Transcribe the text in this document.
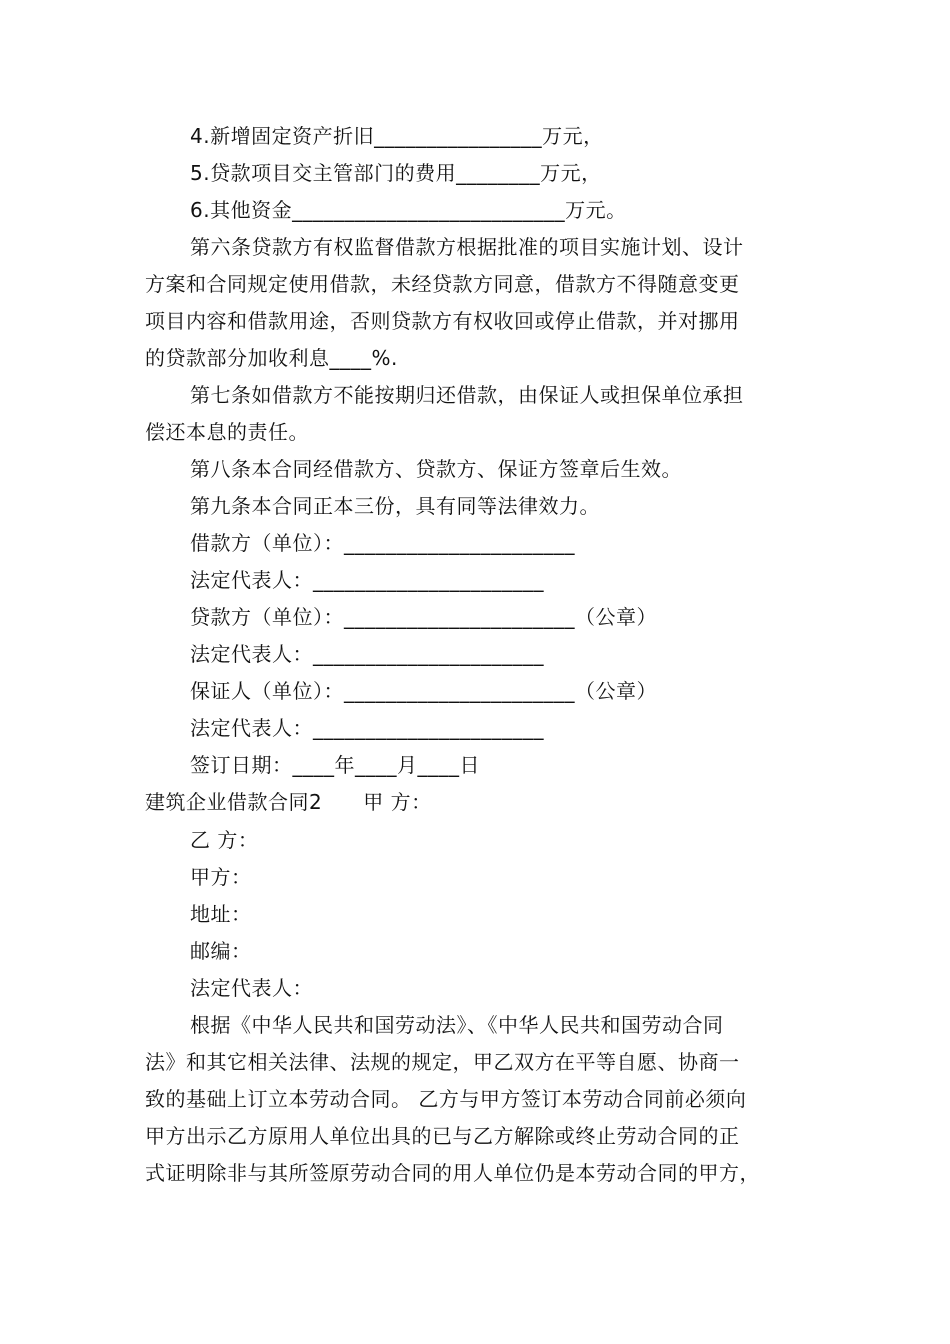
4.新增固定资产折旧________________万元，
5.贷款项目交主管部门的费用________万元，
6.其他资金__________________________万元。
第六条贷款方有权监督借款方根据批准的项目实施计划、设计
方案和合同规定使用借款，未经贷款方同意，借款方不得随意变更
项目内容和借款用途，否则贷款方有权收回或停止借款，并对挪用
的贷款部分加收利息____%.
第七条如借款方不能按期归还借款，由保证人或担保单位承担
偿还本息的责任。
第八条本合同经借款方、贷款方、保证方签章后生效。
第九条本合同正本三份，具有同等法律效力。
借款方（单位）：______________________
法定代表人：______________________
贷款方（单位）：______________________（公章）
法定代表人：______________________
保证人（单位）：______________________（公章）
法定代表人：______________________
签订日期：____年____月____日
建筑企业借款合同2　　甲 方：
乙 方：
甲方：
地址：
邮编：
法定代表人：
根据《中华人民共和国劳动法》、《中华人民共和国劳动合同
法》和其它相关法律、法规的规定，甲乙双方在平等自愿、协商一
致的基础上订立本劳动合同。 乙方与甲方签订本劳动合同前必须向
甲方出示乙方原用人单位出具的已与乙方解除或终止劳动合同的正
式证明除非与其所签原劳动合同的用人单位仍是本劳动合同的甲方，
